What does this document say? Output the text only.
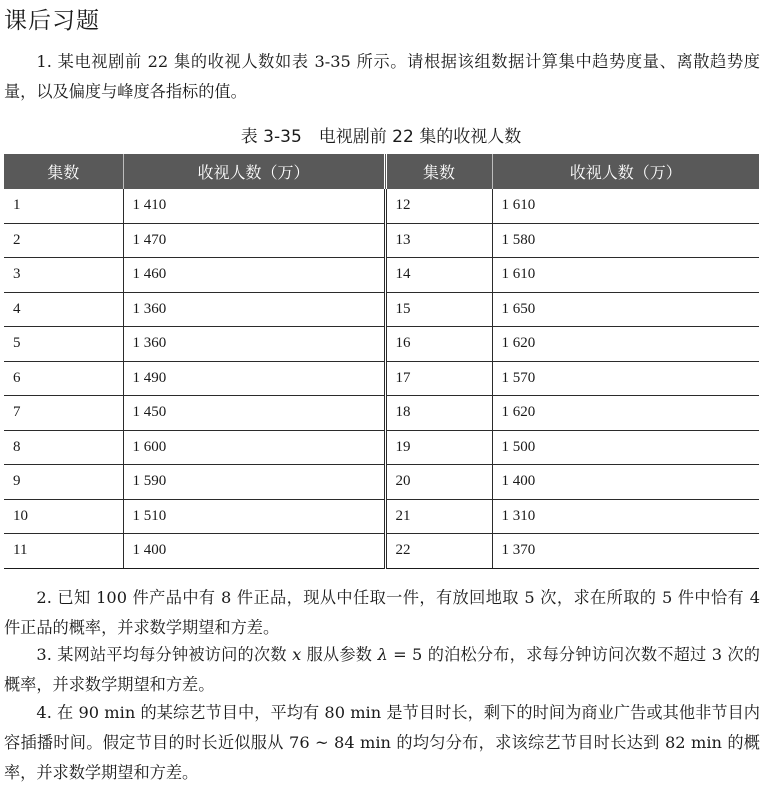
课后习题

1. 某电视剧前 22 集的收视人数如表 3-35 所示。请根据该组数据计算集中趋势度量、离散趋势度量，以及偏度与峰度各指标的值。

表 3-35　电视剧前 22 集的收视人数
集数	收视人数（万）	集数	收视人数（万）
1	1 410	12	1 610
2	1 470	13	1 580
3	1 460	14	1 610
4	1 360	15	1 650
5	1 360	16	1 620
6	1 490	17	1 570
7	1 450	18	1 620
8	1 600	19	1 500
9	1 590	20	1 400
10	1 510	21	1 310
11	1 400	22	1 370

2. 已知 100 件产品中有 8 件正品，现从中任取一件，有放回地取 5 次，求在所取的 5 件中恰有 4 件正品的概率，并求数学期望和方差。

3. 某网站平均每分钟被访问的次数 x 服从参数 λ = 5 的泊松分布，求每分钟访问次数不超过 3 次的概率，并求数学期望和方差。

4. 在 90 min 的某综艺节目中，平均有 80 min 是节目时长，剩下的时间为商业广告或其他非节目内容插播时间。假定节目的时长近似服从 76 ~ 84 min 的均匀分布，求该综艺节目时长达到 82 min 的概率，并求数学期望和方差。
